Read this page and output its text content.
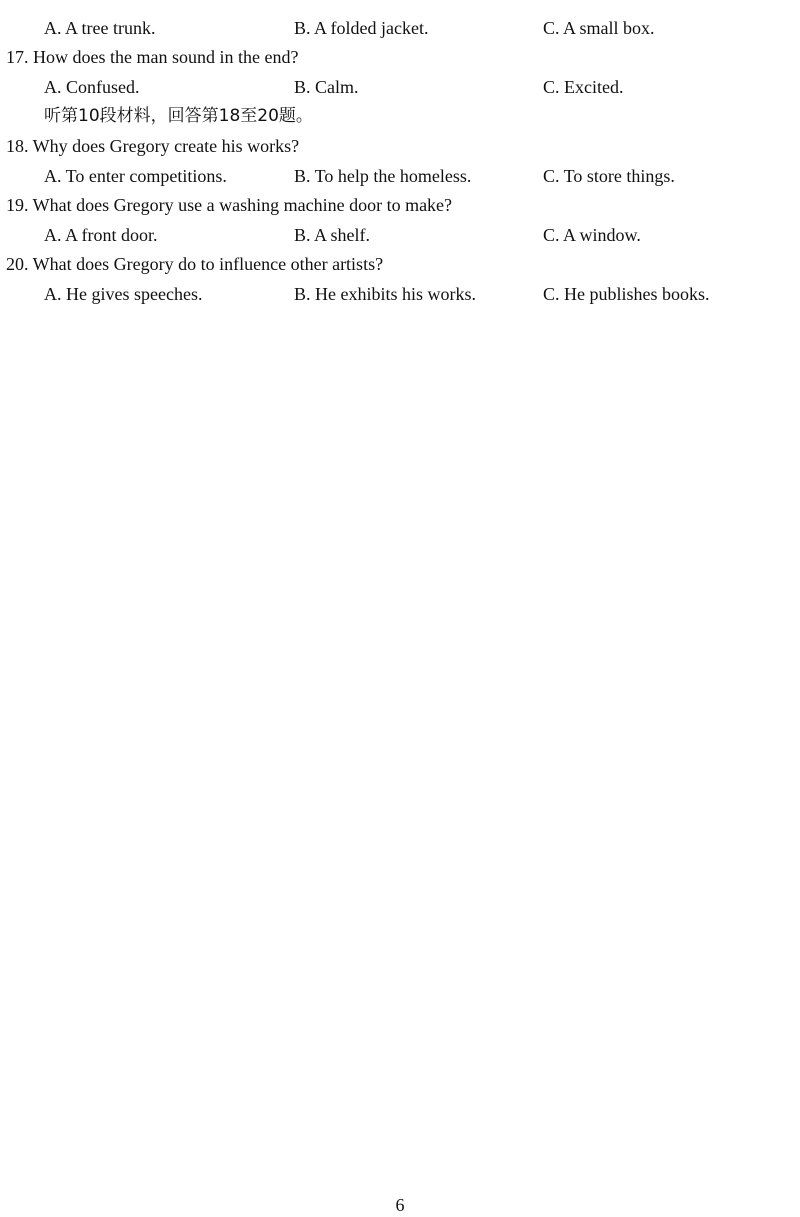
A. A tree trunk.	B. A folded jacket.	C. A small box.
17. How does the man sound in the end?
A. Confused.	B. Calm.	C. Excited.
听第10段材料，回答第18至20题。
18. Why does Gregory create his works?
A. To enter competitions.	B. To help the homeless.	C. To store things.
19. What does Gregory use a washing machine door to make?
A. A front door.	B. A shelf.	C. A window.
20. What does Gregory do to influence other artists?
A. He gives speeches.	B. He exhibits his works.	C. He publishes books.
6
